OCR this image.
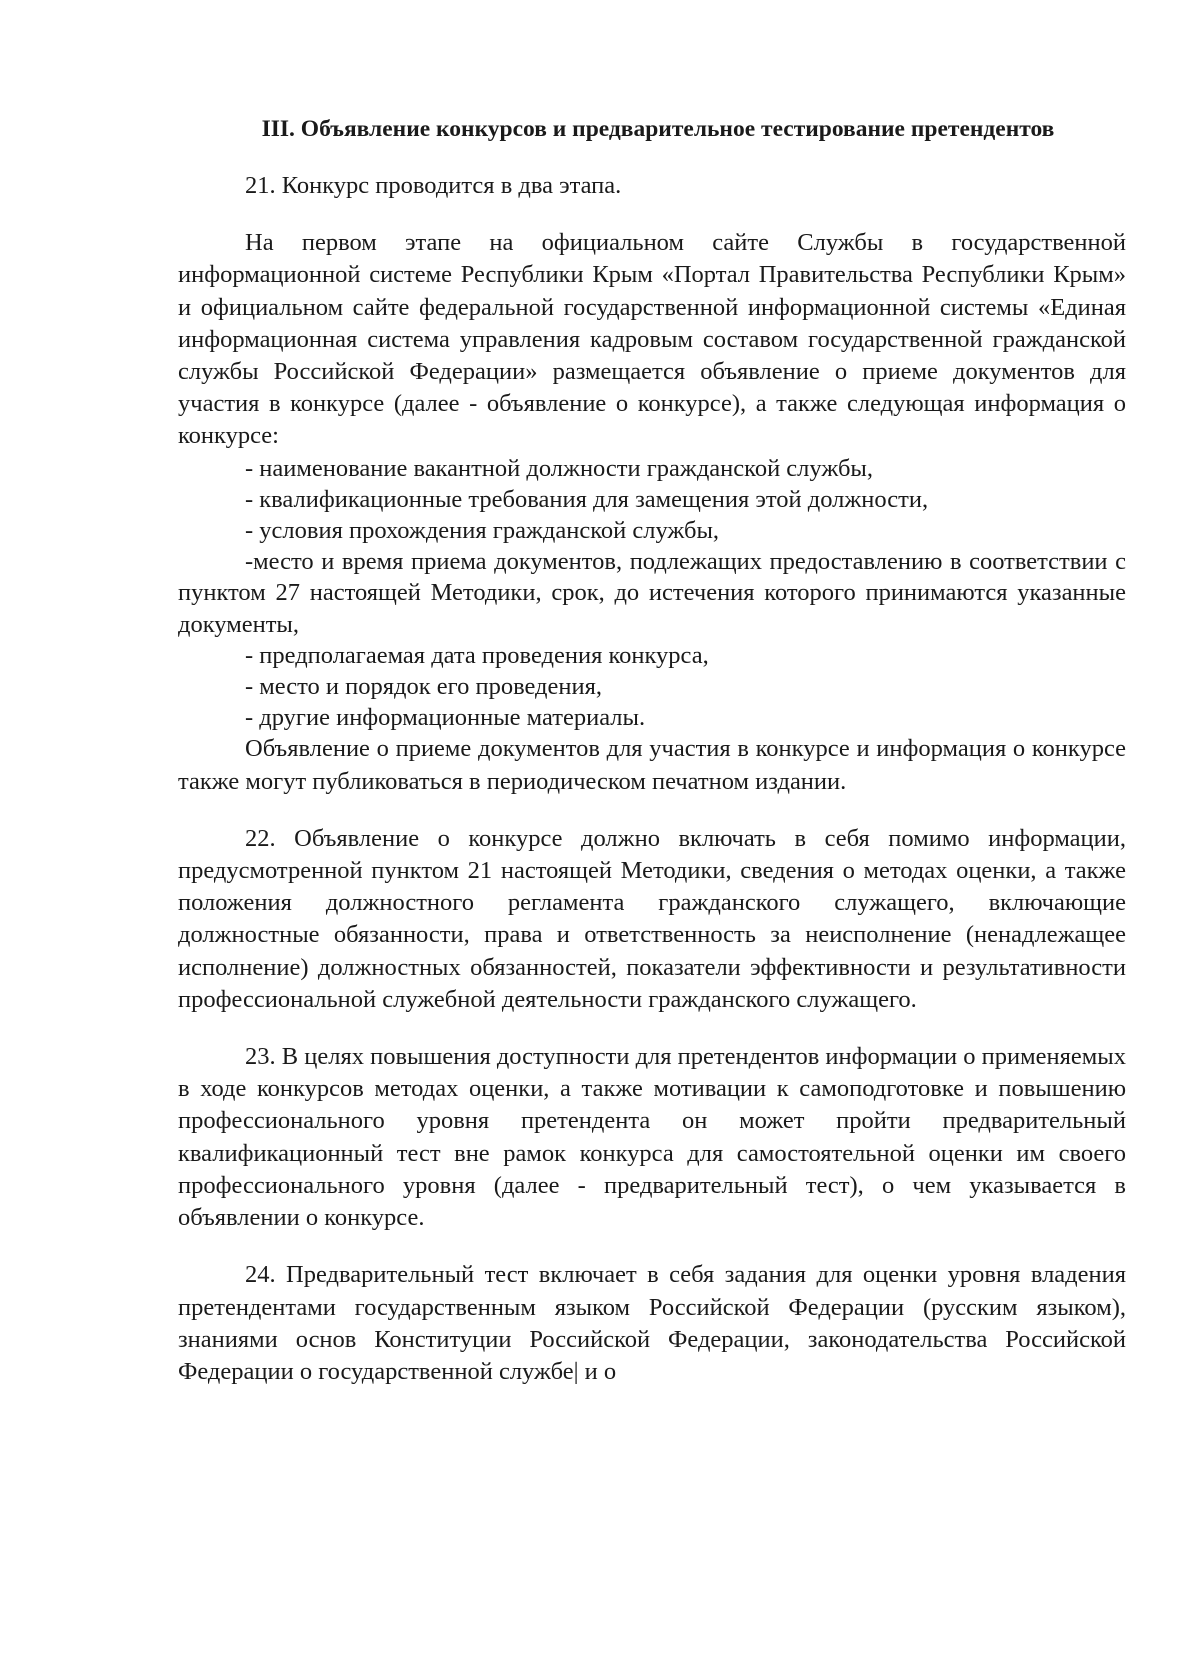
III. Объявление конкурсов и предварительное тестирование претендентов

21. Конкурс проводится в два этапа.

На первом этапе на официальном сайте Службы в государственной информационной системе Республики Крым «Портал Правительства Республики Крым» и официальном сайте федеральной государственной информационной системы «Единая информационная система управления кадровым составом государственной гражданской службы Российской Федерации» размещается объявление о приеме документов для участия в конкурсе (далее - объявление о конкурсе), а также следующая информация о конкурсе:

- наименование вакантной должности гражданской службы,

- квалификационные требования для замещения этой должности,

- условия прохождения гражданской службы,

-место и время приема документов, подлежащих предоставлению в соответствии с пунктом 27 настоящей Методики, срок, до истечения которого принимаются указанные документы,

- предполагаемая дата проведения конкурса,

- место и порядок его проведения,

- другие информационные материалы.

Объявление о приеме документов для участия в конкурсе и информация о конкурсе также могут публиковаться в периодическом печатном издании.

22. Объявление о конкурсе должно включать в себя помимо информации, предусмотренной пунктом 21 настоящей Методики, сведения о методах оценки, а также положения должностного регламента гражданского служащего, включающие должностные обязанности, права и ответственность за неисполнение (ненадлежащее исполнение) должностных обязанностей, показатели эффективности и результативности профессиональной служебной деятельности гражданского служащего.

23. В целях повышения доступности для претендентов информации о применяемых в ходе конкурсов методах оценки, а также мотивации к самоподготовке и повышению профессионального уровня претендента он может пройти предварительный квалификационный тест вне рамок конкурса для самостоятельной оценки им своего профессионального уровня (далее - предварительный тест), о чем указывается в объявлении о конкурсе.

24. Предварительный тест включает в себя задания для оценки уровня владения претендентами государственным языком Российской Федерации (русским языком), знаниями основ Конституции Российской Федерации, законодательства Российской Федерации о государственной службе| и о
